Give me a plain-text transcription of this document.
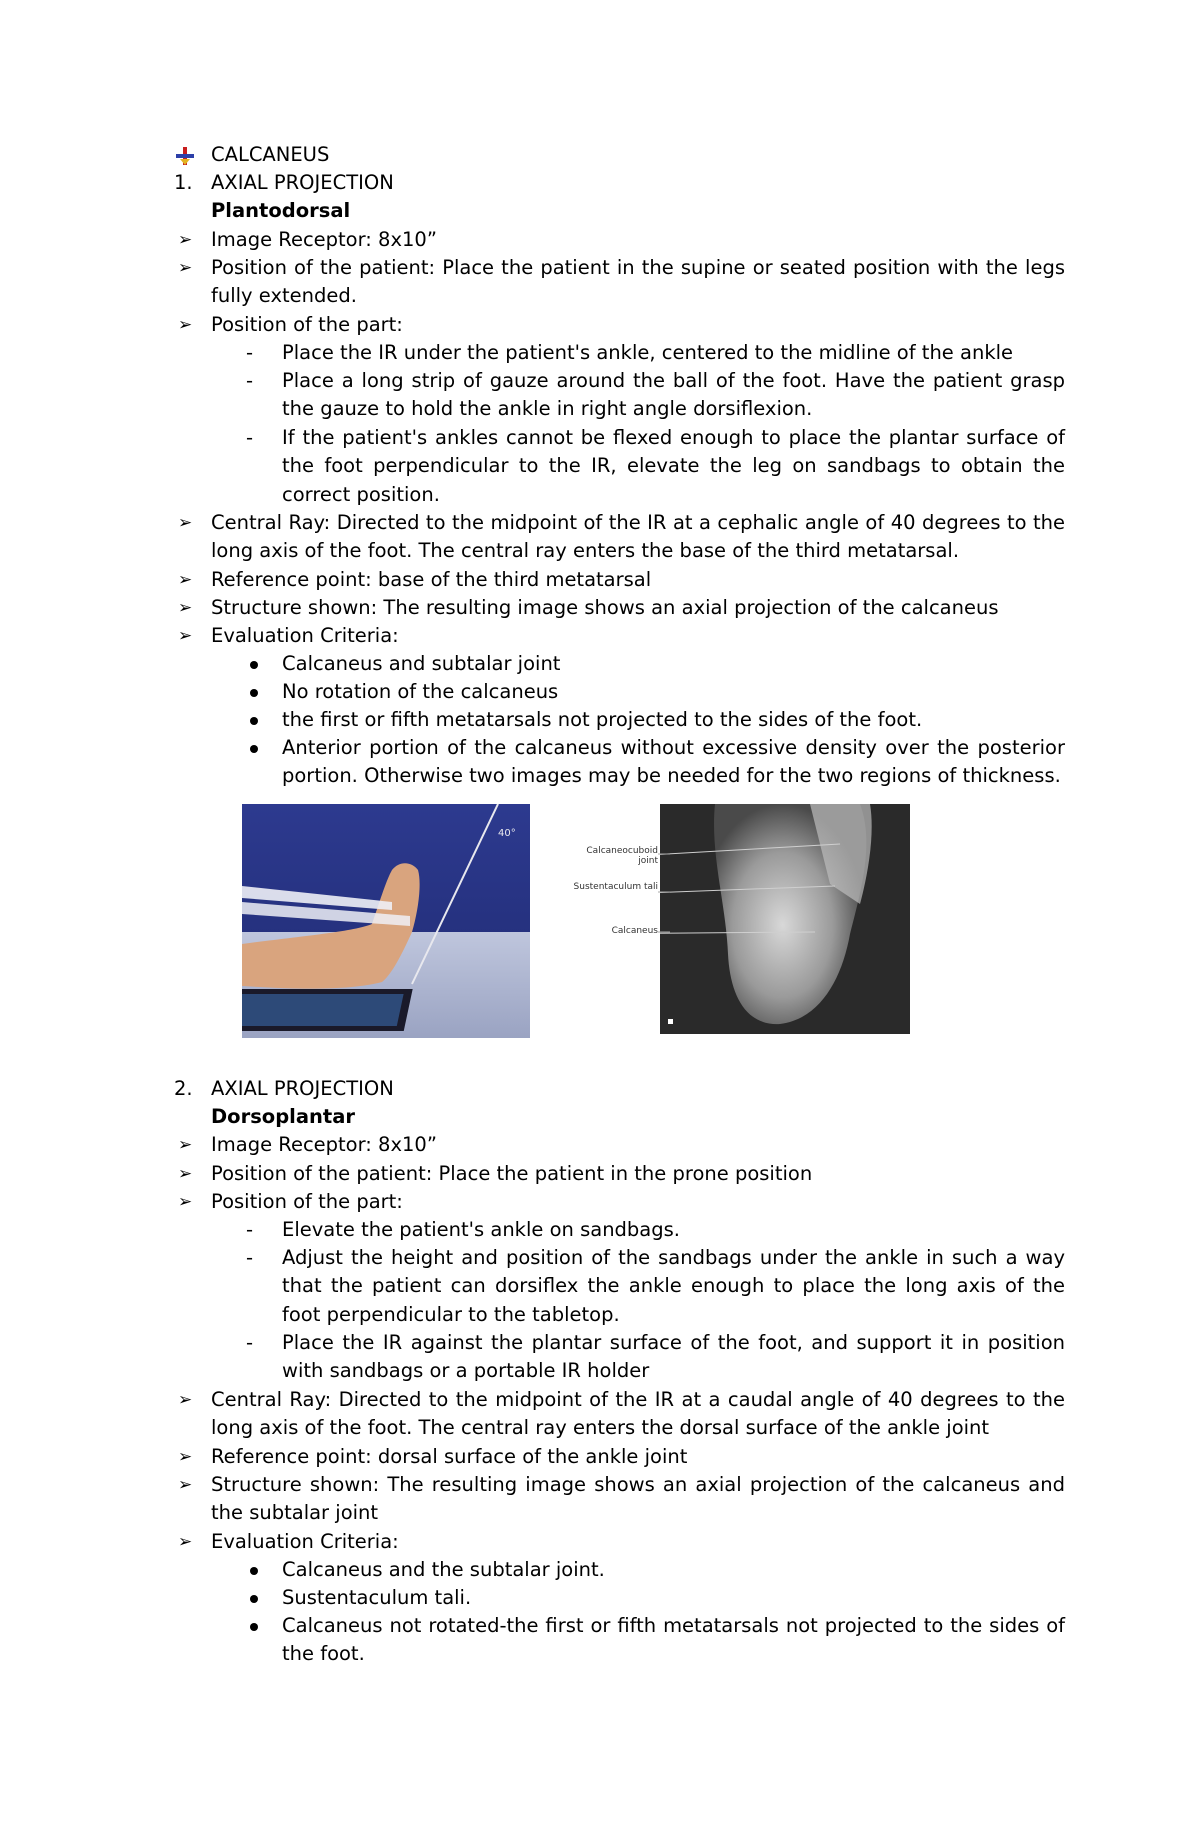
CALCANEUS
1. AXIAL PROJECTION
Plantodorsal
➢ Image Receptor: 8x10”
➢ Position of the patient: Place the patient in the supine or seated position with the legs fully extended.
➢ Position of the part:
-	Place the IR under the patient's ankle, centered to the midline of the ankle
-	Place a long strip of gauze around the ball of the foot. Have the patient grasp the gauze to hold the ankle in right angle dorsiflexion.
-	If the patient's ankles cannot be flexed enough to place the plantar surface of the foot perpendicular to the IR, elevate the leg on sandbags to obtain the correct position.
➢ Central Ray: Directed to the midpoint of the IR at a cephalic angle of 40 degrees to the long axis of the foot. The central ray enters the base of the third metatarsal.
➢ Reference point: base of the third metatarsal
➢ Structure shown: The resulting image shows an axial projection of the calcaneus
➢ Evaluation Criteria:
Calcaneus and subtalar joint
No rotation of the calcaneus
the first or fifth metatarsals not projected to the sides of the foot.
Anterior portion of the calcaneus without excessive density over the posterior portion. Otherwise two images may be needed for the two regions of thickness.
40°
Calcaneocuboid joint
Sustentaculum tali
Calcaneus
2. AXIAL PROJECTION
Dorsoplantar
➢ Image Receptor: 8x10”
➢ Position of the patient: Place the patient in the prone position
➢ Position of the part:
-	Elevate the patient's ankle on sandbags.
-	Adjust the height and position of the sandbags under the ankle in such a way that the patient can dorsiflex the ankle enough to place the long axis of the foot perpendicular to the tabletop.
-	Place the IR against the plantar surface of the foot, and support it in position with sandbags or a portable IR holder
➢ Central Ray: Directed to the midpoint of the IR at a caudal angle of 40 degrees to the long axis of the foot. The central ray enters the dorsal surface of the ankle joint
➢ Reference point: dorsal surface of the ankle joint
➢ Structure shown: The resulting image shows an axial projection of the calcaneus and the subtalar joint
➢ Evaluation Criteria:
Calcaneus and the subtalar joint.
Sustentaculum tali.
Calcaneus not rotated-the first or fifth metatarsals not projected to the sides of the foot.
